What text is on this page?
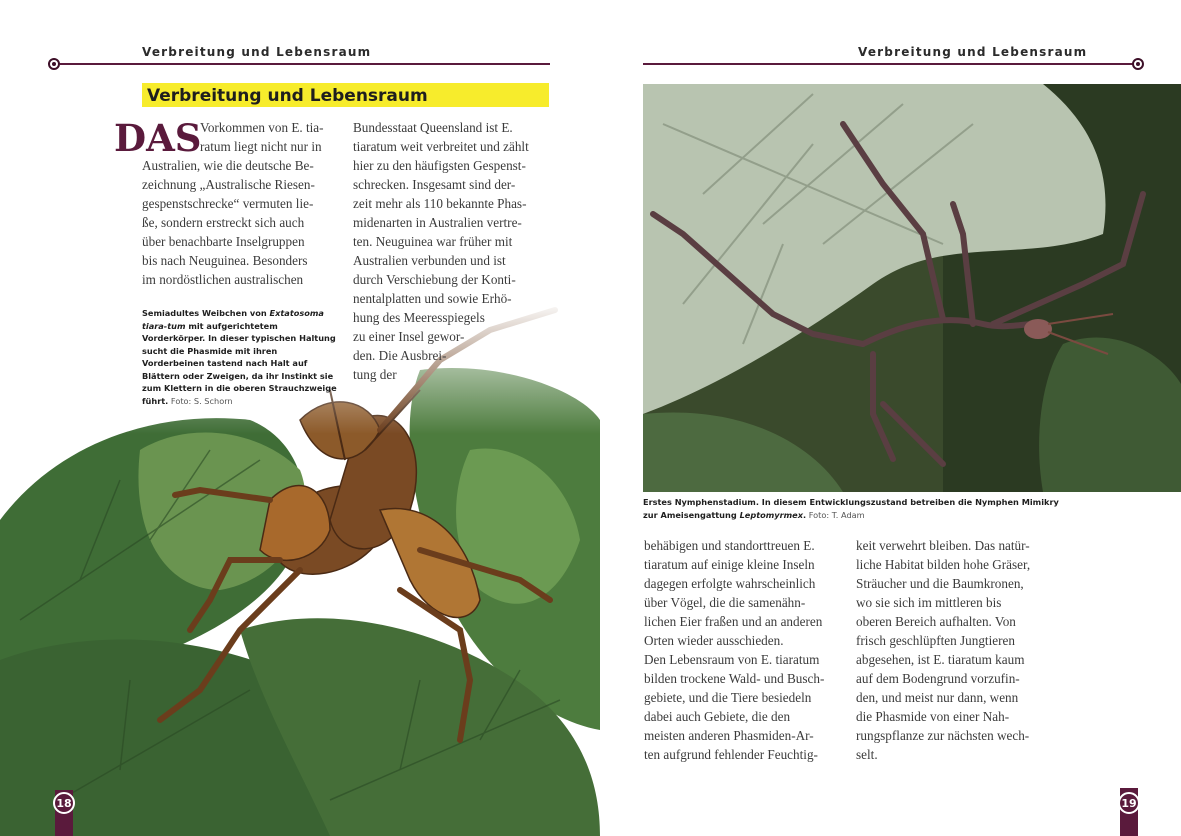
Verbreitung und Lebensraum	Verbreitung und Lebensraum
Verbreitung und Lebensraum
DAS

Vorkommen von E. tia-

ratum liegt nicht nur in

Australien, wie die deutsche Be-

zeichnung „Australische Riesen-

gespenstschrecke“ vermuten lie-

ße, sondern erstreckt sich auch

über benachbarte Inselgruppen

bis nach Neuguinea. Besonders

im nordöstlichen australischen

Bundesstaat Queensland ist E.

tiaratum weit verbreitet und zählt

hier zu den häufigsten Gespenst-

schrecken. Insgesamt sind der-

zeit mehr als 110 bekannte Phas-

midenarten in Australien vertre-

ten. Neuguinea war früher mit

Australien verbunden und ist

durch Verschiebung der Konti-

nentalplatten und sowie Erhö-

hung des Meeresspiegels

zu einer Insel gewor-

den. Die Ausbrei-

tung der

Semiadultes Weibchen von Extatosoma tiara-tum mit aufgerichtetem Vorderkörper. In dieser typischen Haltung sucht die Phasmide mit ihren Vorderbeinen tastend nach Halt auf Blättern oder Zweigen, da ihr Instinkt sie zum Klettern in die oberen Strauchzweige führt. Foto: S. Schorn
18
Erstes Nymphenstadium. In diesem Entwicklungszustand betreiben die Nymphen Mimikry zur Ameisengattung Leptomyrmex. Foto: T. Adam

behäbigen und standorttreuen E.

tiaratum auf einige kleine Inseln

dagegen erfolgte wahrscheinlich

über Vögel, die die samenähn-

lichen Eier fraßen und an anderen

Orten wieder ausschieden.

Den Lebensraum von E. tiaratum

bilden trockene Wald- und Busch-

gebiete, und die Tiere besiedeln

dabei auch Gebiete, die den

meisten anderen Phasmiden-Ar-

ten aufgrund fehlender Feuchtig-

keit verwehrt bleiben. Das natür-

liche Habitat bilden hohe Gräser,

Sträucher und die Baumkronen,

wo sie sich im mittleren bis

oberen Bereich aufhalten. Von

frisch geschlüpften Jungtieren

abgesehen, ist E. tiaratum kaum

auf dem Bodengrund vorzufin-

den, und meist nur dann, wenn

die Phasmide von einer Nah-

rungspflanze zur nächsten wech-

selt.

19
